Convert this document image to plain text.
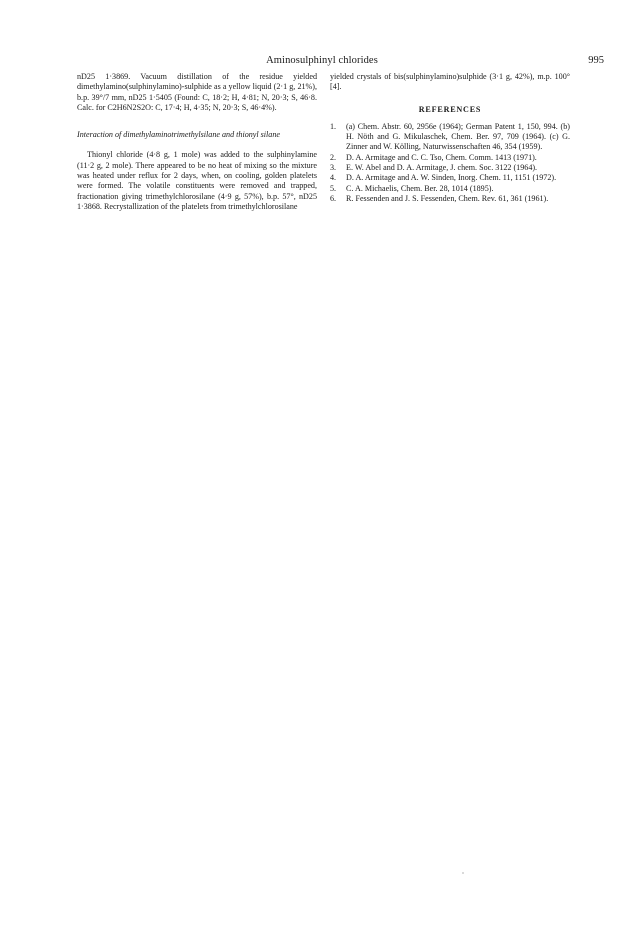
Aminosulphinyl chlorides	995

nD25 1·3869. Vacuum distillation of the residue yielded dimethylamino(sulphinylamino)-sulphide as a yellow liquid (2·1 g, 21%), b.p. 39°/7 mm, nD25 1·5405 (Found: C, 18·2; H, 4·81; N, 20·3; S, 46·8. Calc. for C2H6N2S2O: C, 17·4; H, 4·35; N, 20·3; S, 46·4%).

Interaction of dimethylaminotrimethylsilane and thionyl silane

Thionyl chloride (4·8 g, 1 mole) was added to the sulphinylamine (11·2 g, 2 mole). There appeared to be no heat of mixing so the mixture was heated under reflux for 2 days, when, on cooling, golden platelets were formed. The volatile constituents were removed and trapped, fractionation giving trimethylchlorosilane (4·9 g, 57%), b.p. 57°, nD25 1·3868. Recrystallization of the platelets from trimethylchlorosilane

yielded crystals of bis(sulphinylamino)sulphide (3·1 g, 42%), m.p. 100°[4].

REFERENCES
1. (a) Chem. Abstr. 60, 2956e (1964); German Patent 1, 150, 994. (b) H. Nöth and G. Mikulaschek, Chem. Ber. 97, 709 (1964). (c) G. Zinner and W. Kölling, Naturwissenschaften 46, 354 (1959).
2. D. A. Armitage and C. C. Tso, Chem. Comm. 1413 (1971).
3. E. W. Abel and D. A. Armitage, J. chem. Soc. 3122 (1964).
4. D. A. Armitage and A. W. Sinden, Inorg. Chem. 11, 1151 (1972).
5. C. A. Michaelis, Chem. Ber. 28, 1014 (1895).
6. R. Fessenden and J. S. Fessenden, Chem. Rev. 61, 361 (1961).
